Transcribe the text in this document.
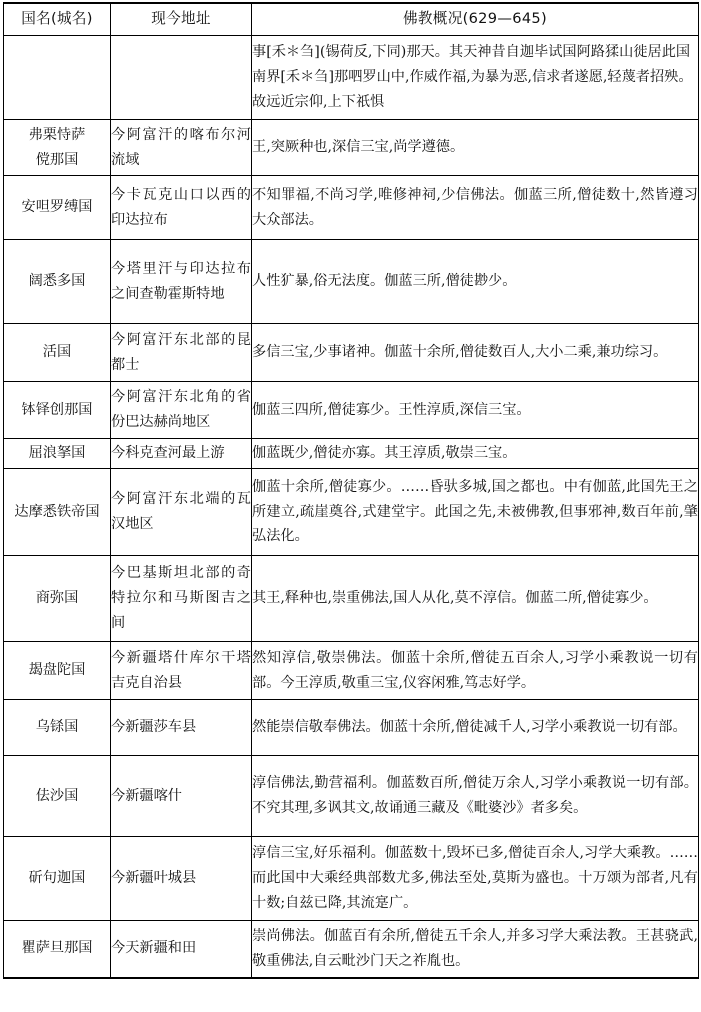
国名(城名)	现今地址	佛教概况(629—645)
		事[禾＊刍](锡荷反,下同)那天。其天神昔自迦毕试国阿路猱山徙居此国南界[禾＊刍]那呬罗山中,作威作福,为暴为恶,信求者遂愿,轻蔑者招殃。故远近宗仰,上下祇惧
弗栗恃萨傥那国	今阿富汗的喀布尔河流域	王,突厥种也,深信三宝,尚学遵德。
安呾罗缚国	今卡瓦克山口以西的印达拉布	不知罪福,不尚习学,唯修神祠,少信佛法。伽蓝三所,僧徒数十,然皆遵习大众部法。
阔悉多国	今塔里汗与印达拉布之间查勒霍斯特地	人性犷暴,俗无法度。伽蓝三所,僧徒尠少。
活国	今阿富汗东北部的昆都士	多信三宝,少事诸神。伽蓝十余所,僧徒数百人,大小二乘,兼功综习。
钵铎创那国	今阿富汗东北角的省份巴达赫尚地区	伽蓝三四所,僧徒寡少。王性淳质,深信三宝。
屈浪拏国	今科克查河最上游	伽蓝既少,僧徒亦寡。其王淳质,敬崇三宝。
达摩悉铁帝国	今阿富汗东北端的瓦汉地区	伽蓝十余所,僧徒寡少。……昏驮多城,国之都也。中有伽蓝,此国先王之所建立,疏崖奠谷,式建堂宇。此国之先,未被佛教,但事邪神,数百年前,肇弘法化。
商弥国	今巴基斯坦北部的奇特拉尔和马斯图吉之间	其王,释种也,崇重佛法,国人从化,莫不淳信。伽蓝二所,僧徒寡少。
朅盘陀国	今新疆塔什库尔干塔吉克自治县	然知淳信,敬崇佛法。伽蓝十余所,僧徒五百余人,习学小乘教说一切有部。今王淳质,敬重三宝,仪容闲雅,笃志好学。
乌铩国	今新疆莎车县	然能崇信敬奉佛法。伽蓝十余所,僧徒减千人,习学小乘教说一切有部。
佉沙国	今新疆喀什	淳信佛法,勤营福利。伽蓝数百所,僧徒万余人,习学小乘教说一切有部。不究其理,多讽其文,故诵通三藏及《毗婆沙》者多矣。
斫句迦国	今新疆叶城县	淳信三宝,好乐福利。伽蓝数十,毁坏已多,僧徒百余人,习学大乘教。……而此国中大乘经典部数尤多,佛法至处,莫斯为盛也。十万颂为部者,凡有十数;自兹已降,其流寔广。
瞿萨旦那国	今天新疆和田	崇尚佛法。伽蓝百有余所,僧徒五千余人,并多习学大乘法教。王甚骁武,敬重佛法,自云毗沙门天之祚胤也。
